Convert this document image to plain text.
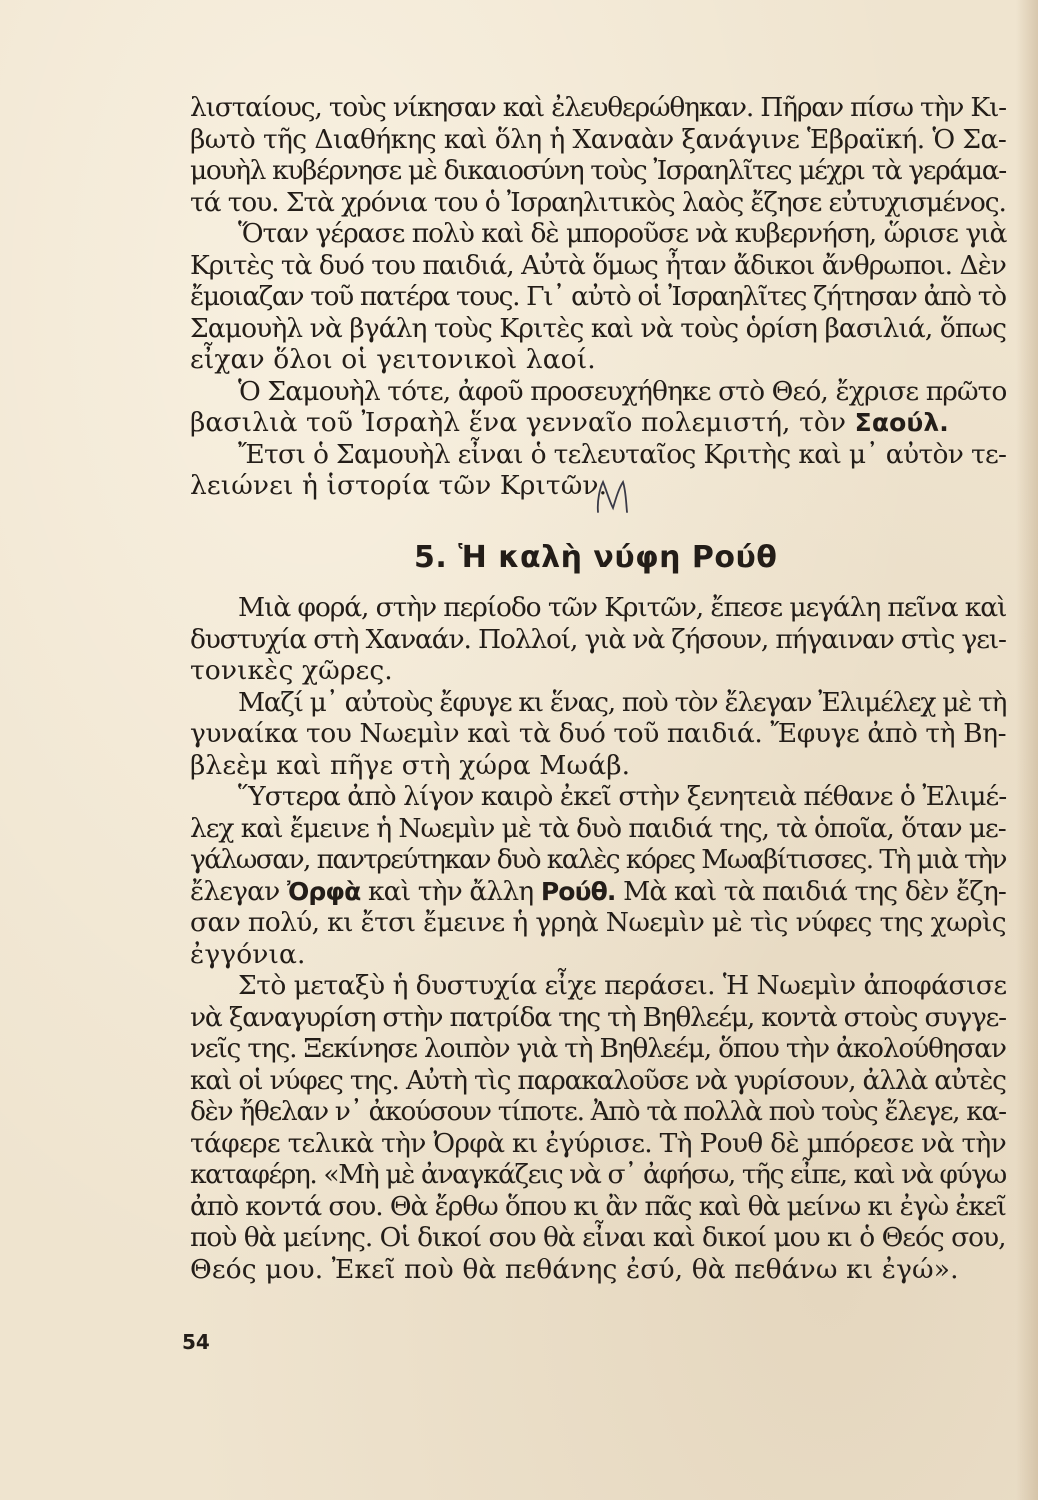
λισταίους, τοὺς νίκησαν καὶ ἐλευθερώθηκαν. Πῆραν πίσω τὴν Κι-
βωτὸ τῆς Διαθήκης καὶ ὅλη ἡ Χαναὰν ξανάγινε Ἑβραϊκή. Ὁ Σα-
μουὴλ κυβέρνησε μὲ δικαιοσύνη τοὺς Ἰσραηλῖτες μέχρι τὰ γεράμα-
τά του. Στὰ χρόνια του ὁ Ἰσραηλιτικὸς λαὸς ἔζησε εὐτυχισμένος.
Ὅταν γέρασε πολὺ καὶ δὲ μποροῦσε νὰ κυβερνήση, ὥρισε γιὰ
Κριτὲς τὰ δυό του παιδιά, Αὐτὰ ὅμως ἦταν ἄδικοι ἄνθρωποι. Δὲν
ἔμοιαζαν τοῦ πατέρα τους. Γι᾽ αὐτὸ οἱ Ἰσραηλῖτες ζήτησαν ἀπὸ τὸ
Σαμουὴλ νὰ βγάλη τοὺς Κριτὲς καὶ νὰ τοὺς ὁρίση βασιλιά, ὅπως
εἶχαν ὅλοι οἱ γειτονικοὶ λαοί.
Ὁ Σαμουὴλ τότε, ἀφοῦ προσευχήθηκε στὸ Θεό, ἔχρισε πρῶτο
βασιλιὰ τοῦ Ἰσραὴλ ἕνα γενναῖο πολεμιστή, τὸν Σαούλ.
Ἔτσι ὁ Σαμουὴλ εἶναι ὁ τελευταῖος Κριτὴς καὶ μ᾽ αὐτὸν τε-
λειώνει ἡ ἱστορία τῶν Κριτῶν.
5. Ἡ καλὴ νύφη Ρούθ
Μιὰ φορά, στὴν περίοδο τῶν Κριτῶν, ἔπεσε μεγάλη πεῖνα καὶ
δυστυχία στὴ Χαναάν. Πολλοί, γιὰ νὰ ζήσουν, πήγαιναν στὶς γει-
τονικὲς χῶρες.
Μαζί μ᾽ αὐτοὺς ἔφυγε κι ἕνας, ποὺ τὸν ἔλεγαν Ἐλιμέλεχ μὲ τὴ
γυναίκα του Νωεμὶν καὶ τὰ δυό τοῦ παιδιά. Ἔφυγε ἀπὸ τὴ Βη-
βλεὲμ καὶ πῆγε στὴ χώρα Μωάβ.
Ὕστερα ἀπὸ λίγον καιρὸ ἐκεῖ στὴν ξενητειὰ πέθανε ὁ Ἐλιμέ-
λεχ καὶ ἔμεινε ἡ Νωεμὶν μὲ τὰ δυὸ παιδιά της, τὰ ὁποῖα, ὅταν με-
γάλωσαν, παντρεύτηκαν δυὸ καλὲς κόρες Μωαβίτισσες. Τὴ μιὰ τὴν
ἔλεγαν Ὀρφὰ καὶ τὴν ἄλλη Ρούθ. Μὰ καὶ τὰ παιδιά της δὲν ἔζη-
σαν πολύ, κι ἔτσι ἔμεινε ἡ γρηὰ Νωεμὶν μὲ τὶς νύφες της χωρὶς
ἐγγόνια.
Στὸ μεταξὺ ἡ δυστυχία εἶχε περάσει. Ἡ Νωεμὶν ἀποφάσισε
νὰ ξαναγυρίση στὴν πατρίδα της τὴ Βηθλεέμ, κοντὰ στοὺς συγγε-
νεῖς της. Ξεκίνησε λοιπὸν γιὰ τὴ Βηθλεέμ, ὅπου τὴν ἀκολούθησαν
καὶ οἱ νύφες της. Αὐτὴ τὶς παρακαλοῦσε νὰ γυρίσουν, ἀλλὰ αὐτὲς
δὲν ἤθελαν ν᾽ ἀκούσουν τίποτε. Ἀπὸ τὰ πολλὰ ποὺ τοὺς ἔλεγε, κα-
τάφερε τελικὰ τὴν Ὀρφὰ κι ἐγύρισε. Τὴ Ρουθ δὲ μπόρεσε νὰ τὴν
καταφέρη. «Μὴ μὲ ἀναγκάζεις νὰ σ᾽ ἀφήσω, τῆς εἶπε, καὶ νὰ φύγω
ἀπὸ κοντά σου. Θὰ ἔρθω ὅπου κι ἂν πᾶς καὶ θὰ μείνω κι ἐγὼ ἐκεῖ
ποὺ θὰ μείνης. Οἱ δικοί σου θὰ εἶναι καὶ δικοί μου κι ὁ Θεός σου,
Θεός μου. Ἐκεῖ ποὺ θὰ πεθάνης ἐσύ, θὰ πεθάνω κι ἐγώ».
54
